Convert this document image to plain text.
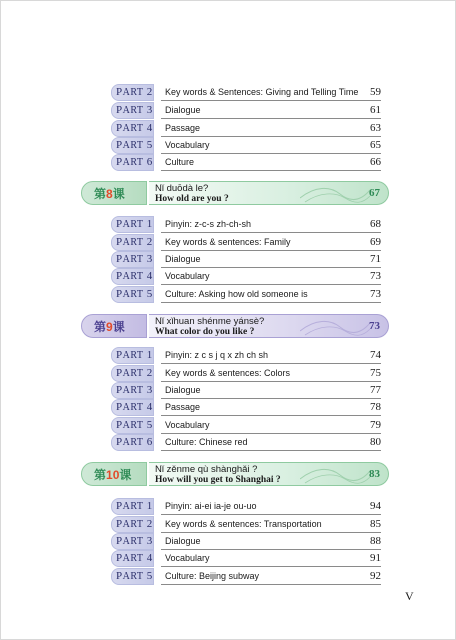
PART 2 Key words & Sentences: Giving and Telling Time 59
PART 3 Dialogue	61
PART 4 Passage	63
PART 5 Vocabulary	65
PART 6 Culture	66
第8课	Nǐ duōdà le?
How old are you ?	67
PART 1 Pinyin: z-c-s zh-ch-sh	68
PART 2 Key words & sentences: Family	69
PART 3 Dialogue	71
PART 4 Vocabulary	73
PART 5 Culture: Asking how old someone is	73
第9课	Nǐ xǐhuan shénme yánsè?
What color do you like ?	73
PART 1 Pinyin: z c s j q x zh ch sh	74
PART 2 Key words & sentences: Colors	75
PART 3 Dialogue	77
PART 4 Passage	78
PART 5 Vocabulary	79
PART 6 Culture: Chinese red	80
第10课	Nǐ zěnme qù shànghǎi ?
How will you get to Shanghai ?	83
PART 1 Pinyin: ai-ei ia-je ou-uo	94
PART 2 Key words & sentences: Transportation	85
PART 3 Dialogue	88
PART 4 Vocabulary	91
PART 5 Culture: Beijing subway	92
V
